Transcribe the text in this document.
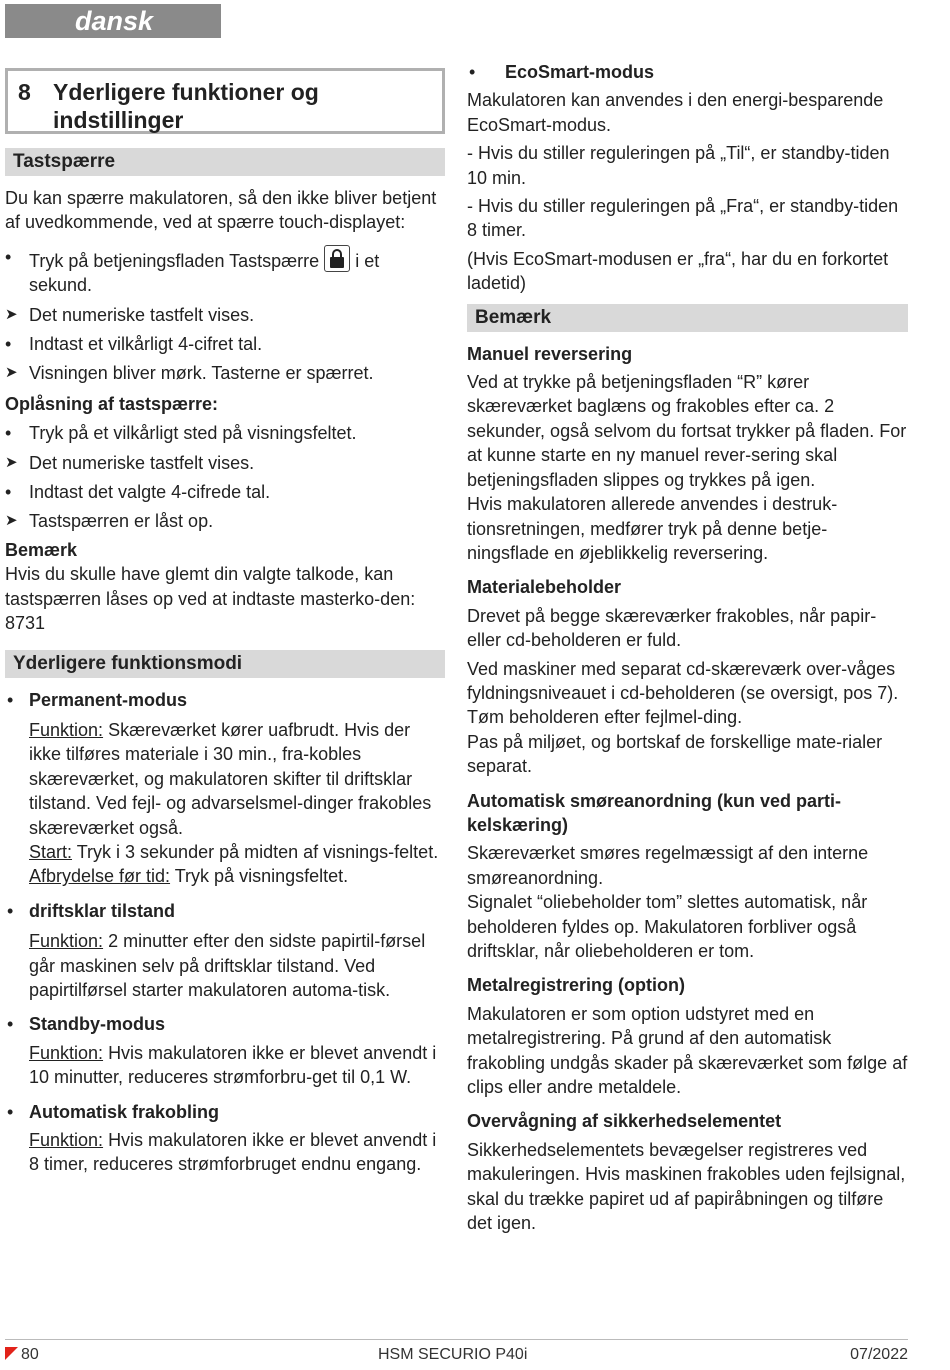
dansk
8 Yderligere funktioner og indstillinger
Tastspærre

Du kan spærre makulatoren, så den ikke bliver betjent af uvedkommende, ved at spærre touch-displayet:

• Tryk på betjeningsfladen Tastspærre i et sekund.
➤ Det numeriske tastfelt vises.
• Indtast et vilkårligt 4-cifret tal.
➤ Visningen bliver mørk. Tasterne er spærret.

Oplåsning af tastspærre:

• Tryk på et vilkårligt sted på visningsfeltet.
➤ Det numeriske tastfelt vises.
• Indtast det valgte 4-cifrede tal.
➤ Tastspærren er låst op.

Bemærk

Hvis du skulle have glemt din valgte talkode, kan tastspærren låses op ved at indtaste masterko-den: 8731

Yderligere funktionsmodi
• Permanent-modus

Funktion: Skæreværket kører uafbrudt. Hvis der ikke tilføres materiale i 30 min., fra-kobles skæreværket, og makulatoren skifter til driftsklar tilstand. Ved fejl- og advarselsmel-dinger frakobles skæreværket også.

Start: Tryk i 3 sekunder på midten af visnings-feltet.

Afbrydelse før tid: Tryk på visningsfeltet.

• driftsklar tilstand

Funktion: 2 minutter efter den sidste papirtil-førsel går maskinen selv på driftsklar tilstand. Ved papirtilførsel starter makulatoren automa-tisk.

• Standby-modus

Funktion: Hvis makulatoren ikke er blevet anvendt i 10 minutter, reduceres strømforbru-get til 0,1 W.

• Automatisk frakobling

Funktion: Hvis makulatoren ikke er blevet anvendt i 8 timer, reduceres strømforbruget endnu engang.

•	EcoSmart-modus

Makulatoren kan anvendes i den energi-besparende EcoSmart-modus.

- Hvis du stiller reguleringen på „Til“, er standby-tiden 10 min.

- Hvis du stiller reguleringen på „Fra“, er standby-tiden 8 timer.

(Hvis EcoSmart-modusen er „fra“, har du en forkortet ladetid)

Bemærk

Manuel reversering

Ved at trykke på betjeningsfladen “R” kører skæreværket baglæns og frakobles efter ca. 2 sekunder, også selvom du fortsat trykker på fladen. For at kunne starte en ny manuel rever-sering skal betjeningsfladen slippes og trykkes på igen.

Hvis makulatoren allerede anvendes i destruk-tionsretningen, medfører tryk på denne betje-ningsflade en øjeblikkelig reversering.

Materialebeholder

Drevet på begge skæreværker frakobles, når papir- eller cd-beholderen er fuld.

Ved maskiner med separat cd-skæreværk over-våges fyldningsniveauet i cd-beholderen (se oversigt, pos 7). Tøm beholderen efter fejlmel-ding.

Pas på miljøet, og bortskaf de forskellige mate-rialer separat.

Automatisk smøreanordning (kun ved parti-kelskæring)

Skæreværket smøres regelmæssigt af den interne smøreanordning.

Signalet “oliebeholder tom” slettes automatisk, når beholderen fyldes op. Makulatoren forbliver også driftsklar, når oliebeholderen er tom.

Metalregistrering (option)

Makulatoren er som option udstyret med en metalregistrering. På grund af den automatisk frakobling undgås skader på skæreværket som følge af clips eller andre metaldele.

Overvågning af sikkerhedselementet

Sikkerhedselementets bevægelser registreres ved makuleringen. Hvis maskinen frakobles uden fejlsignal, skal du trække papiret ud af papiråbningen og tilføre det igen.

80	HSM SECURIO P40i	07/2022
